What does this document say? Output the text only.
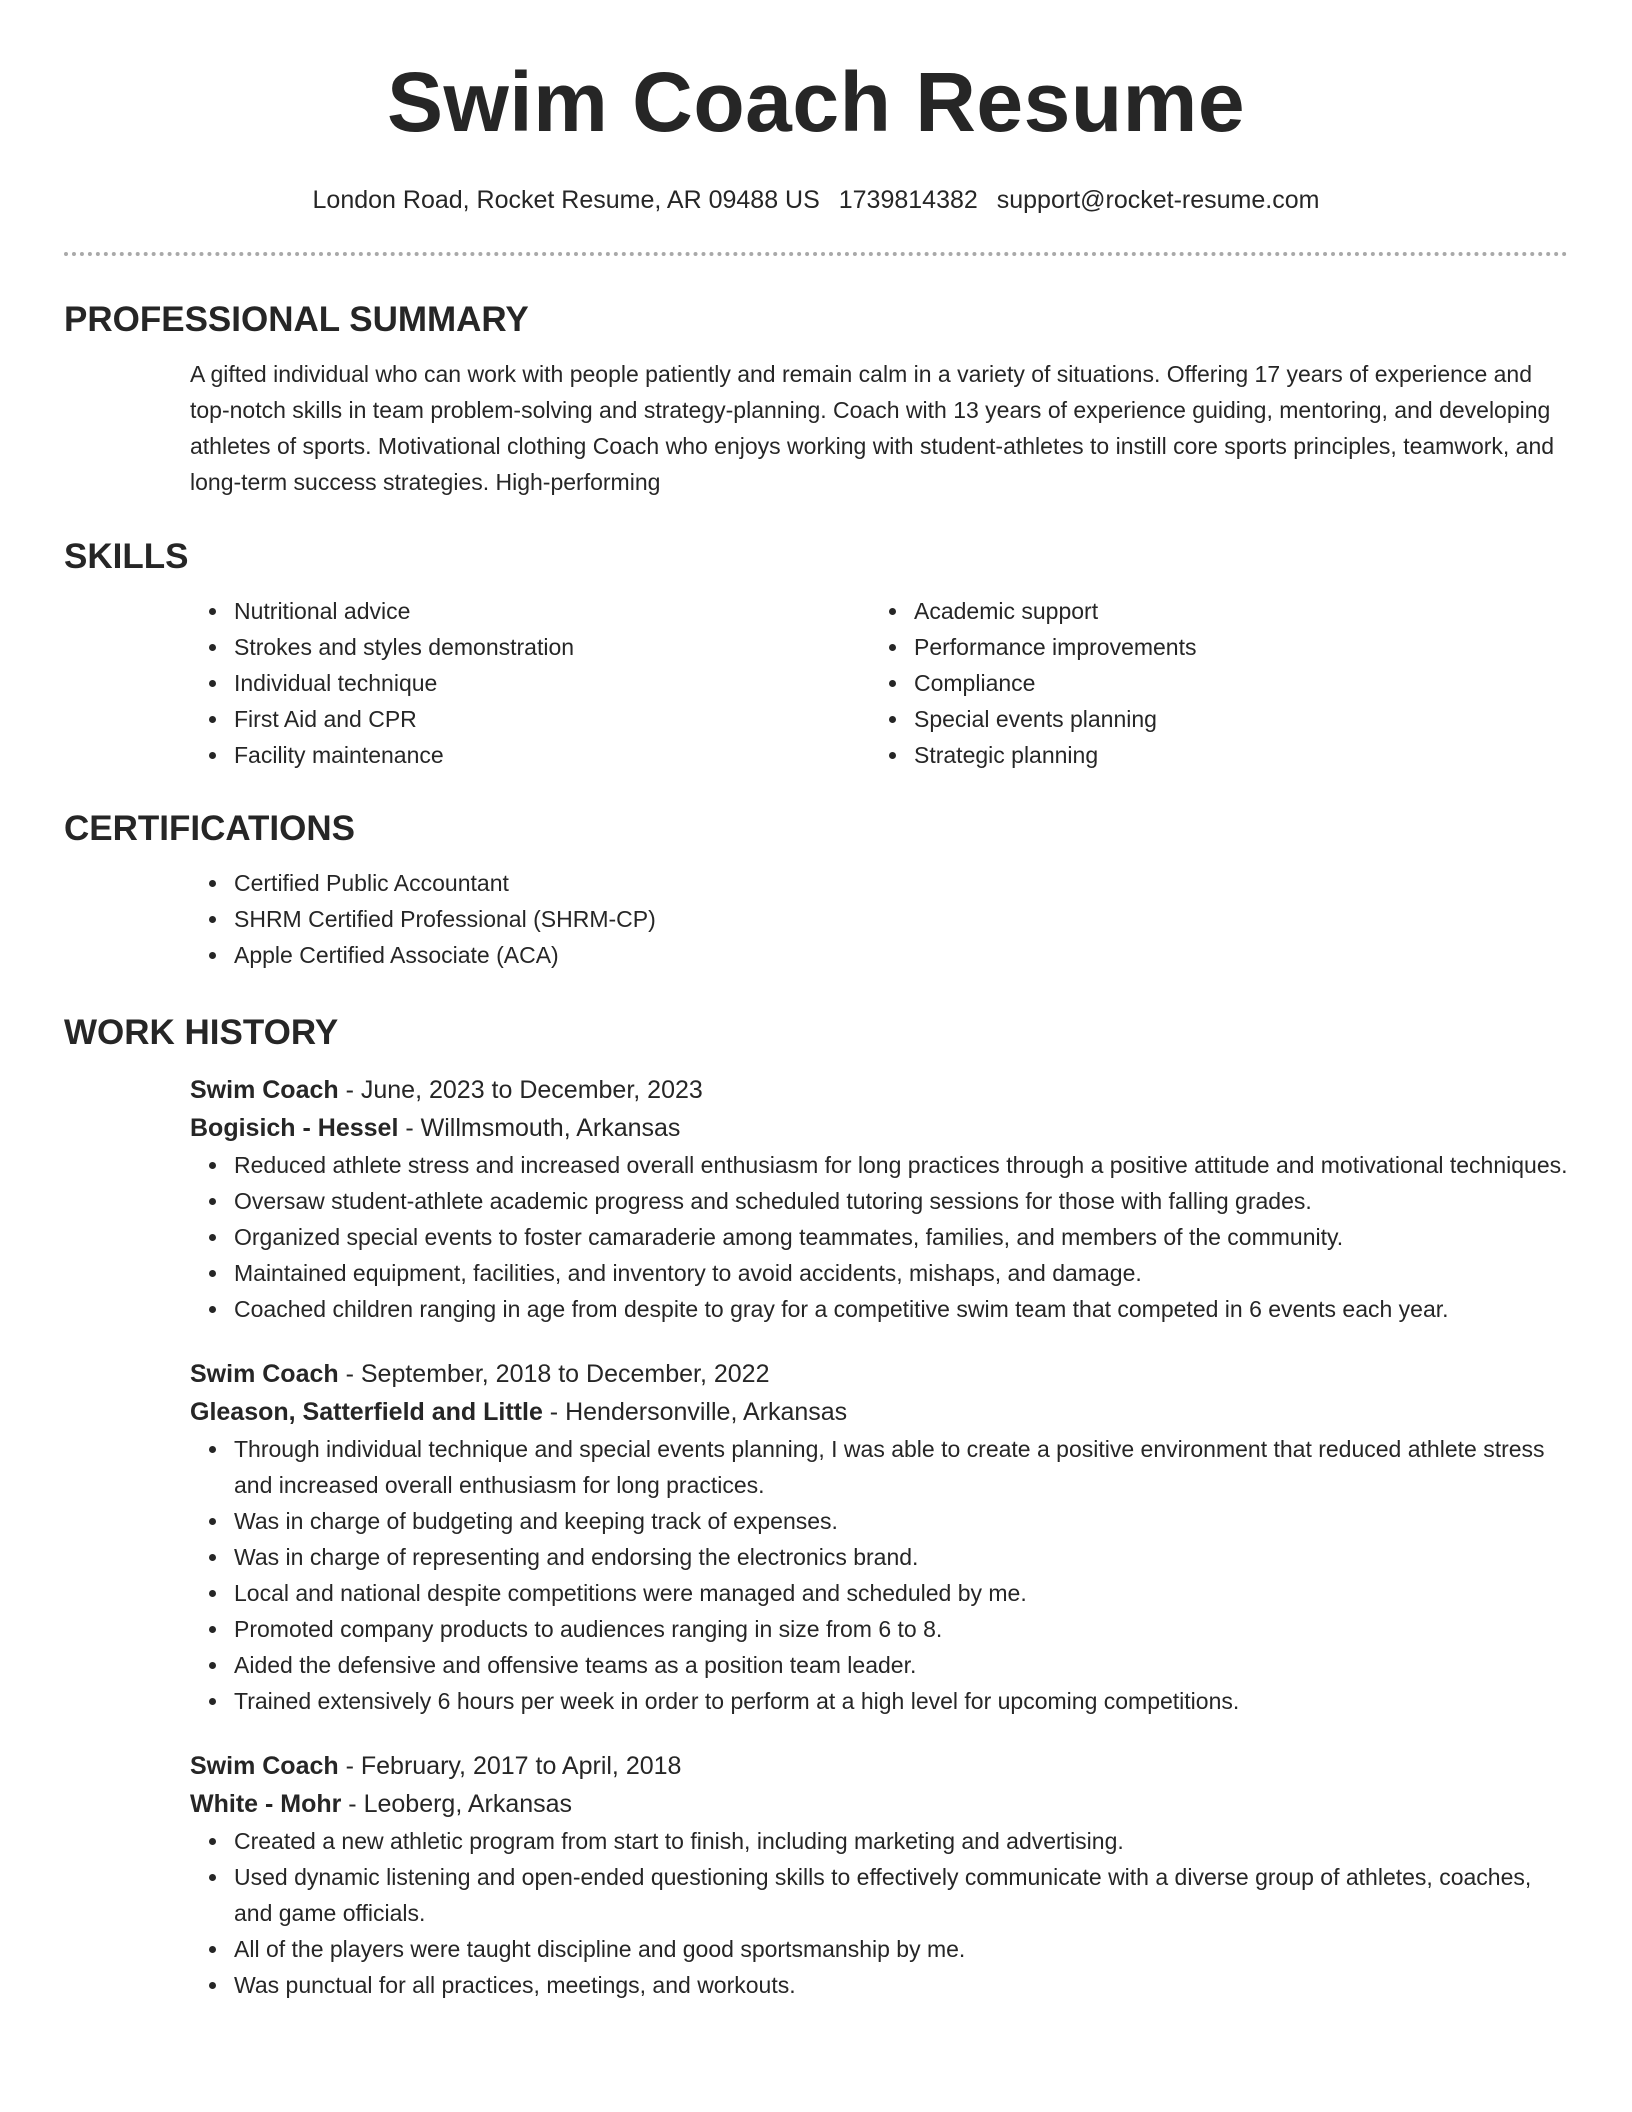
Swim Coach Resume
London Road, Rocket Resume, AR 09488 US 1739814382 support@rocket-resume.com
PROFESSIONAL SUMMARY
A gifted individual who can work with people patiently and remain calm in a variety of situations. Offering 17 years of experience and top-notch skills in team problem-solving and strategy-planning. Coach with 13 years of experience guiding, mentoring, and developing athletes of sports. Motivational clothing Coach who enjoys working with student-athletes to instill core sports principles, teamwork, and long-term success strategies. High-performing
SKILLS
Nutritional advice
Strokes and styles demonstration
Individual technique
First Aid and CPR
Facility maintenance
Academic support
Performance improvements
Compliance
Special events planning
Strategic planning
CERTIFICATIONS
Certified Public Accountant
SHRM Certified Professional (SHRM-CP)
Apple Certified Associate (ACA)
WORK HISTORY
Swim Coach - June, 2023 to December, 2023
Bogisich - Hessel - Willmsmouth, Arkansas
Reduced athlete stress and increased overall enthusiasm for long practices through a positive attitude and motivational techniques.
Oversaw student-athlete academic progress and scheduled tutoring sessions for those with falling grades.
Organized special events to foster camaraderie among teammates, families, and members of the community.
Maintained equipment, facilities, and inventory to avoid accidents, mishaps, and damage.
Coached children ranging in age from despite to gray for a competitive swim team that competed in 6 events each year.
Swim Coach - September, 2018 to December, 2022
Gleason, Satterfield and Little - Hendersonville, Arkansas
Through individual technique and special events planning, I was able to create a positive environment that reduced athlete stress and increased overall enthusiasm for long practices.
Was in charge of budgeting and keeping track of expenses.
Was in charge of representing and endorsing the electronics brand.
Local and national despite competitions were managed and scheduled by me.
Promoted company products to audiences ranging in size from 6 to 8.
Aided the defensive and offensive teams as a position team leader.
Trained extensively 6 hours per week in order to perform at a high level for upcoming competitions.
Swim Coach - February, 2017 to April, 2018
White - Mohr - Leoberg, Arkansas
Created a new athletic program from start to finish, including marketing and advertising.
Used dynamic listening and open-ended questioning skills to effectively communicate with a diverse group of athletes, coaches, and game officials.
All of the players were taught discipline and good sportsmanship by me.
Was punctual for all practices, meetings, and workouts.
